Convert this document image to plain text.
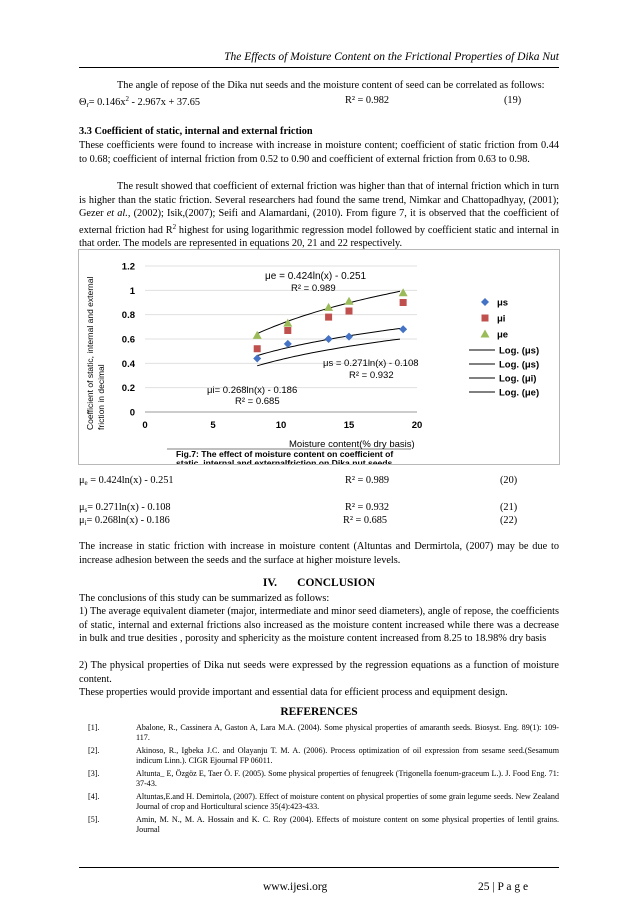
The Effects of Moisture Content on the Frictional Properties of Dika Nut
The angle of repose of the Dika nut seeds and the moisture content of seed can be correlated as follows:
$\Theta_r= 0.146x^2 - 2.967x + 37.65$	R² = 0.982	(19)
3.3 Coefficient of static, internal and external friction
These coefficients were found to increase with increase in moisture content; coefficient of static friction from 0.44 to 0.68; coefficient of internal friction from 0.52 to 0.90 and coefficient of external friction from 0.63 to 0.98.
The result showed that coefficient of external friction was higher than that of internal friction which in turn is higher than the static friction. Several researchers had found the same trend, Nimkar and Chattopadhyay, (2001); Gezer et al., (2002); Isik,(2007); Seifi and Alamardani, (2010). From figure 7, it is observed that the coefficient of external friction had $R^2$ highest for using logarithmic regression model followed by coefficient static and internal in that order. The models are represented in equations 20, 21 and 22 respectively.
Coefficient of static, internal and external friction in decimal 0
0.2
0.4
0.6
0.8
1
1.2
0	5	10	15	20
μe = 0.424ln(x) - 0.251
R² = 0.989
μs = 0.271ln(x) - 0.108
R² = 0.932
μi= 0.268ln(x) - 0.186
R² = 0.685
μs
μi
μe
Log. (μs)
Log. (μs)
Log. (μi)
Log. (μe)
Moisture content(% dry basis)
Fig.7: The effect of moisture content on coefficient of
static, internal and externalfriction on Dika nut seeds
$\mu_e = 0.424\ln(x) - 0.251$	R² = 0.989	(20)
$\mu_s= 0.271\ln(x) - 0.108$	R² = 0.932	(21)
$\mu_i= 0.268\ln(x) - 0.186$	R² = 0.685	(22)
The increase in static friction with increase in moisture content (Altuntas and Dermirtola, (2007) may be due to increase adhesion between the seeds and the surface at higher moisture levels.
IV.       CONCLUSION
The conclusions of this study can be summarized as follows:
1) The average equivalent diameter (major, intermediate and minor seed diameters), angle of repose, the coefficients of static, internal and external frictions also increased as the moisture content increased while there was a decrease in bulk and true desities , porosity and sphericity as the moisture content increased from 8.25 to 18.98% dry basis
2) The physical properties of Dika nut seeds were expressed by the regression equations as a function of moisture content.
These properties would provide important and essential data for efficient process and equipment design.
REFERENCES
[1].	Abalone, R., Cassinera A, Gaston A, Lara M.A. (2004). Some physical properties of amaranth seeds. Biosyst. Eng. 89(1): 109-117.
[2].	Akinoso, R., Igbeka J.C. and Olayanju T. M. A. (2006). Process optimization of oil expression from sesame seed.(Sesamum indicum Linn.). CIGR Ejournal FP 06011.
[3].	Altunta_ E, Özgöz E, Taer Ö. F. (2005). Some physical properties of fenugreek (Trigonella foenum-graceum L.). J. Food Eng. 71: 37-43.
[4].	Altuntas,E.and H. Demirtola, (2007). Effect of moisture content on physical properties of some grain legume seeds. New Zealand Journal of crop and Horticultural science 35(4):423-433.
[5].	Amin, M. N., M. A. Hossain and K. C. Roy (2004). Effects of moisture content on some physical properties of lentil grains. Journal
www.ijesi.org	25 | P a g e
